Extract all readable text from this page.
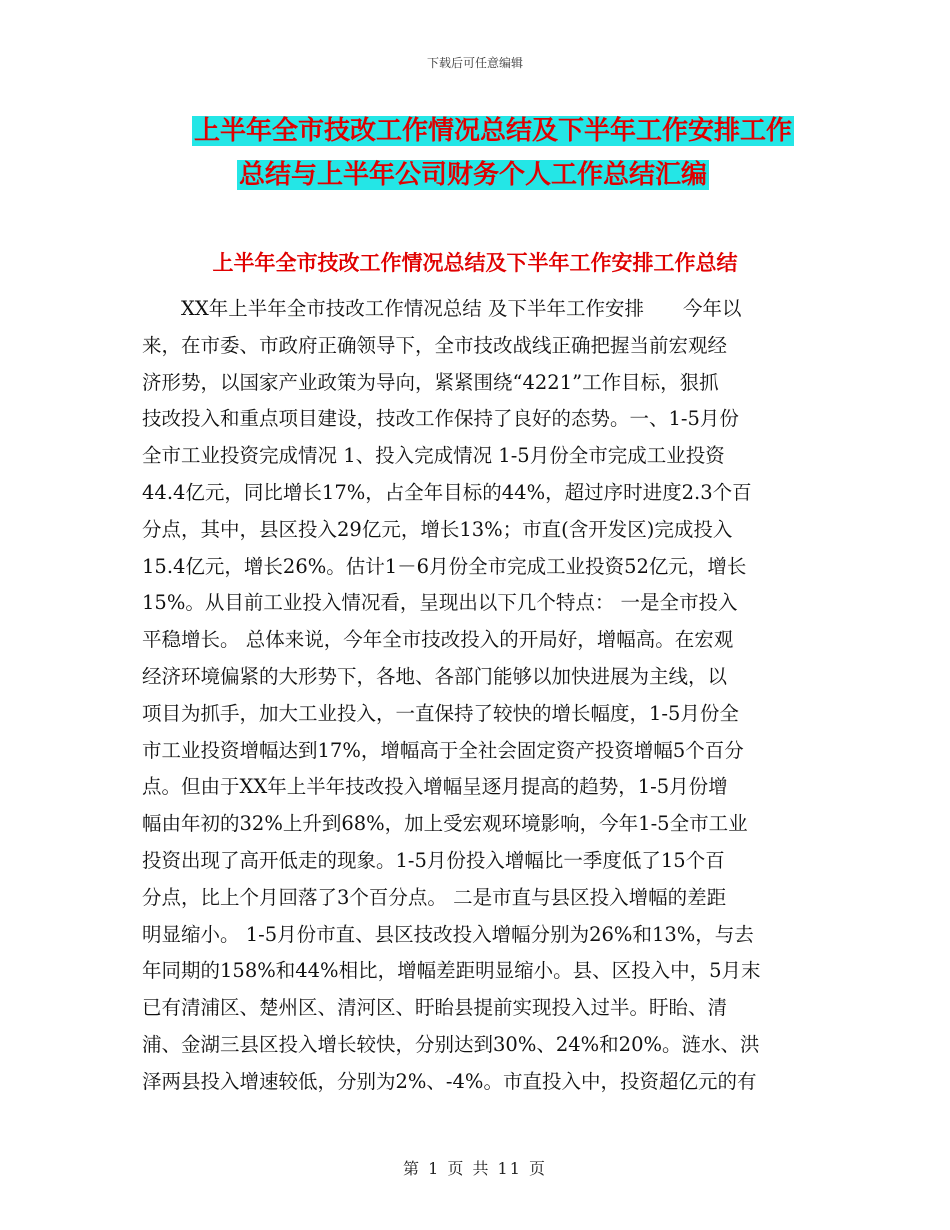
下载后可任意编辑
上半年全市技改工作情况总结及下半年工作安排工作
总结与上半年公司财务个人工作总结汇编
上半年全市技改工作情况总结及下半年工作安排工作总结
　　XX年上半年全市技改工作情况总结 及下半年工作安排　　今年以
来，在市委、市政府正确领导下，全市技改战线正确把握当前宏观经
济形势，以国家产业政策为导向，紧紧围绕“4221”工作目标，狠抓
技改投入和重点项目建设，技改工作保持了良好的态势。一、1-5月份
全市工业投资完成情况 1、投入完成情况 1-5月份全市完成工业投资
44.4亿元，同比增长17%，占全年目标的44%，超过序时进度2.3个百
分点，其中，县区投入29亿元，增长13%；市直(含开发区)完成投入
15.4亿元，增长26%。估计1－6月份全市完成工业投资52亿元，增长
15%。从目前工业投入情况看，呈现出以下几个特点： 一是全市投入
平稳增长。 总体来说，今年全市技改投入的开局好，增幅高。在宏观
经济环境偏紧的大形势下，各地、各部门能够以加快进展为主线，以
项目为抓手，加大工业投入，一直保持了较快的增长幅度，1-5月份全
市工业投资增幅达到17%，增幅高于全社会固定资产投资增幅5个百分
点。但由于XX年上半年技改投入增幅呈逐月提高的趋势，1-5月份增
幅由年初的32%上升到68%，加上受宏观环境影响，今年1-5全市工业
投资出现了高开低走的现象。1-5月份投入增幅比一季度低了15个百
分点，比上个月回落了3个百分点。 二是市直与县区投入增幅的差距
明显缩小。 1-5月份市直、县区技改投入增幅分别为26%和13%，与去
年同期的158%和44%相比，增幅差距明显缩小。县、区投入中，5月末
已有清浦区、楚州区、清河区、盱眙县提前实现投入过半。盱眙、清
浦、金湖三县区投入增长较快，分别达到30%、24%和20%。涟水、洪
泽两县投入增速较低，分别为2%、-4%。市直投入中，投资超亿元的有
第 1 页 共 11 页
